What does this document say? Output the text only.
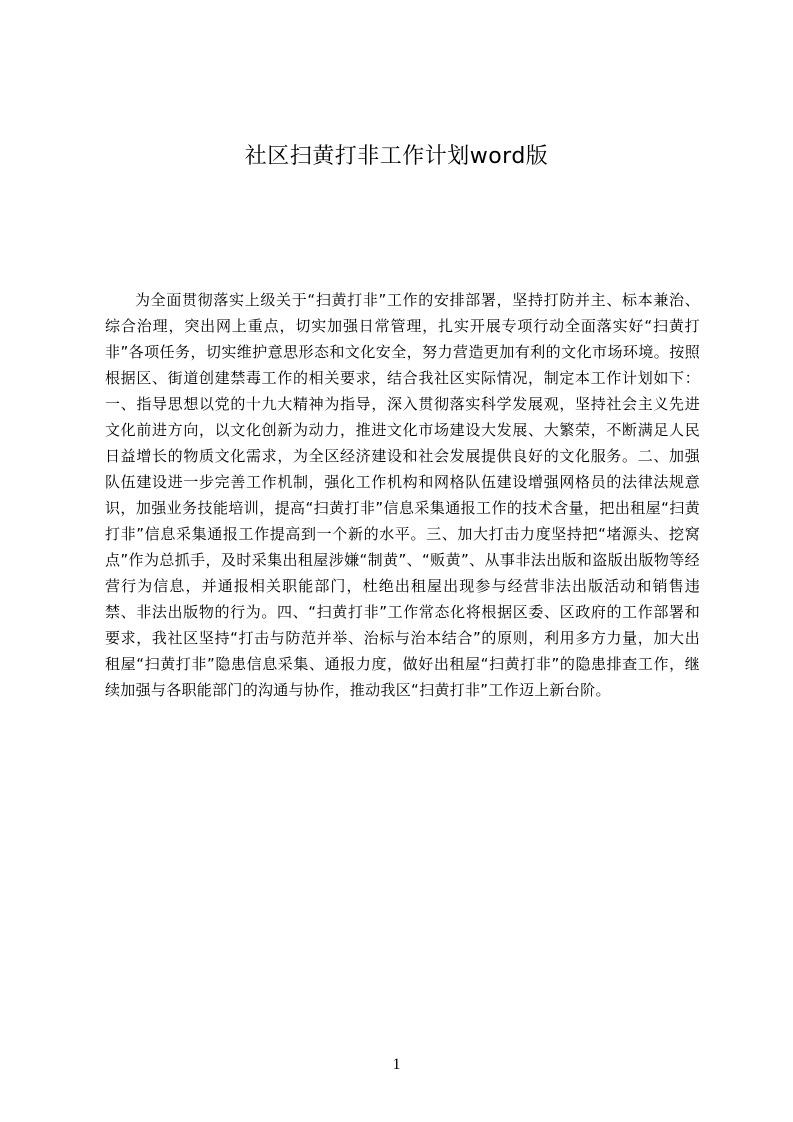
社区扫黄打非工作计划word版

为全面贯彻落实上级关于“扫黄打非”工作的安排部署，坚持打防并主、标本兼治、综合治理，突出网上重点，切实加强日常管理，扎实开展专项行动全面落实好“扫黄打非”各项任务，切实维护意思形态和文化安全，努力营造更加有利的文化市场环境。按照根据区、街道创建禁毒工作的相关要求，结合我社区实际情况，制定本工作计划如下：一、指导思想以党的十九大精神为指导，深入贯彻落实科学发展观，坚持社会主义先进文化前进方向，以文化创新为动力，推进文化市场建设大发展、大繁荣，不断满足人民日益增长的物质文化需求，为全区经济建设和社会发展提供良好的文化服务。二、加强队伍建设进一步完善工作机制，强化工作机构和网格队伍建设增强网格员的法律法规意识，加强业务技能培训，提高“扫黄打非”信息采集通报工作的技术含量，把出租屋“扫黄打非”信息采集通报工作提高到一个新的水平。三、加大打击力度坚持把“堵源头、挖窝点”作为总抓手，及时采集出租屋涉嫌“制黄”、“贩黄”、从事非法出版和盗版出版物等经营行为信息，并通报相关职能部门，杜绝出租屋出现参与经营非法出版活动和销售违禁、非法出版物的行为。四、“扫黄打非”工作常态化将根据区委、区政府的工作部署和要求，我社区坚持“打击与防范并举、治标与治本结合”的原则，利用多方力量，加大出租屋“扫黄打非”隐患信息采集、通报力度，做好出租屋“扫黄打非”的隐患排查工作，继续加强与各职能部门的沟通与协作，推动我区“扫黄打非”工作迈上新台阶。

1
